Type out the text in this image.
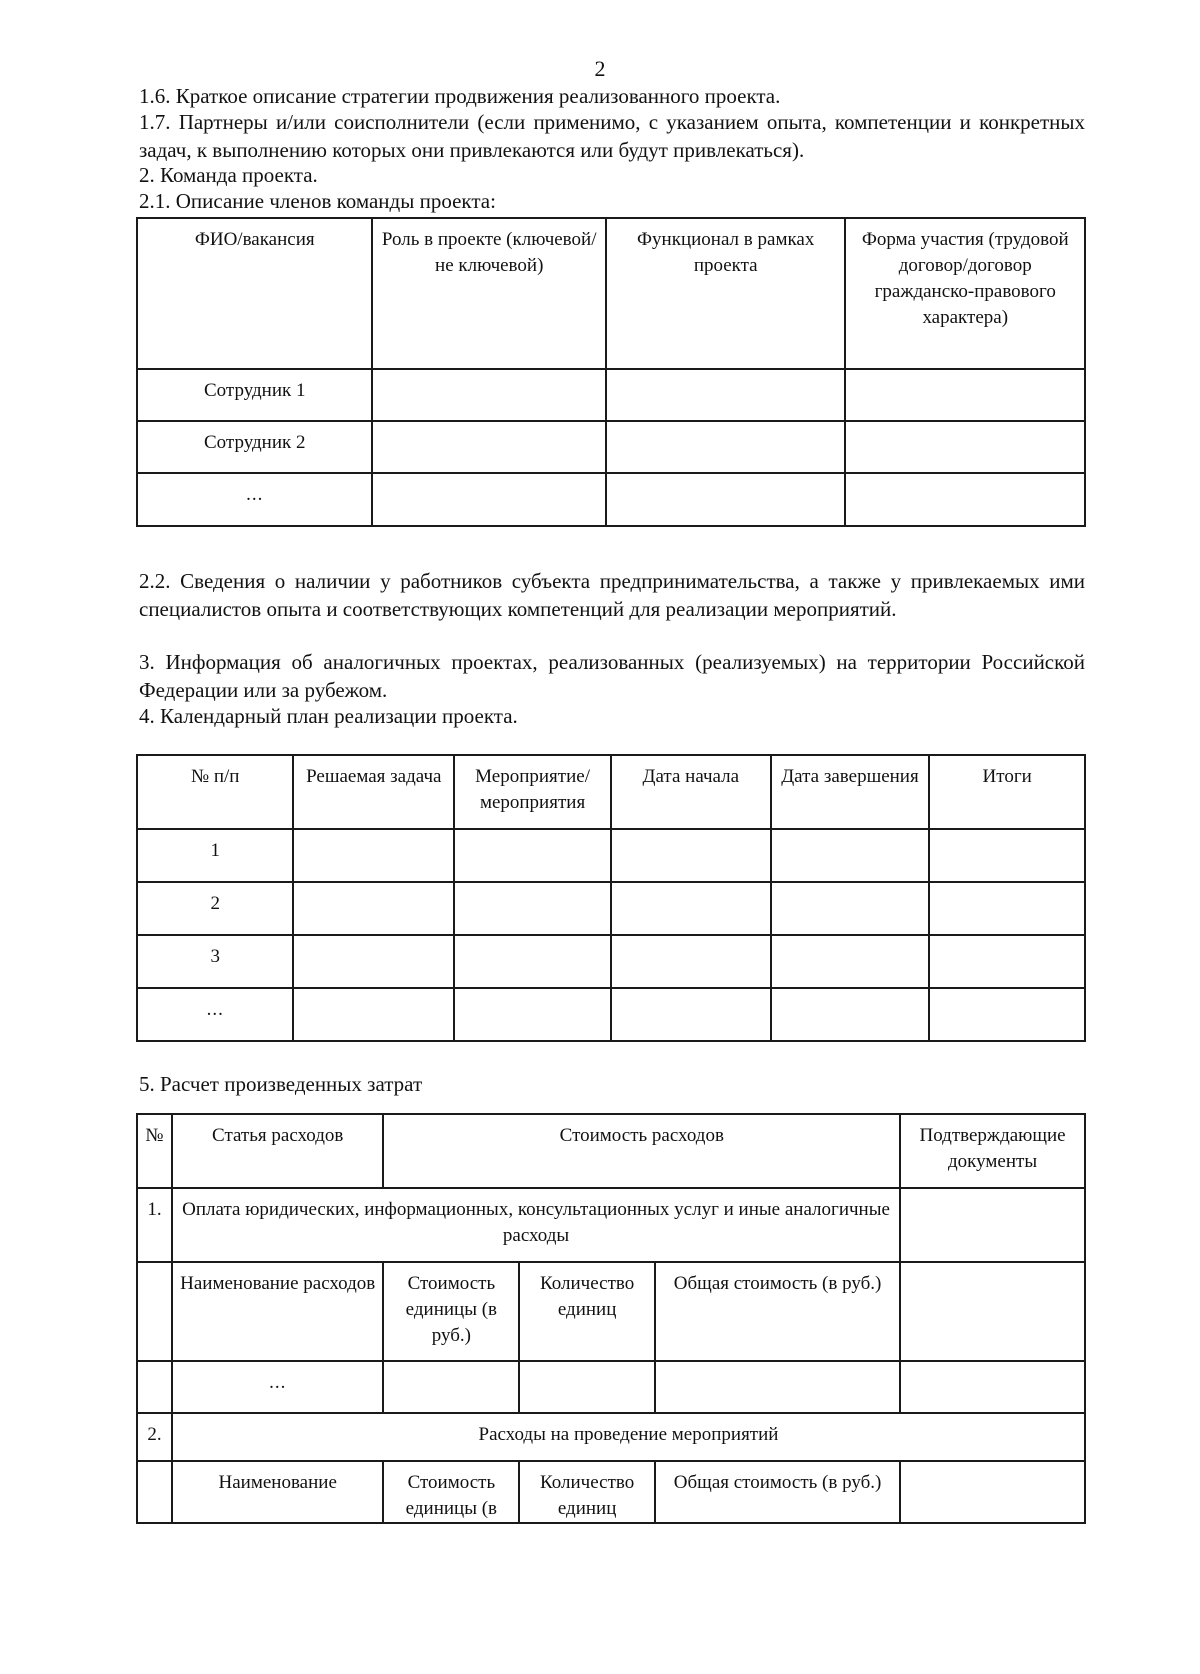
2
1.6. Краткое описание стратегии продвижения реализованного проекта.
1.7. Партнеры и/или соисполнители (если применимо, с указанием опыта, компетенции и конкретных задач, к выполнению которых они привлекаются или будут привлекаться).
2. Команда проекта.
2.1. Описание членов команды проекта:
ФИО/вакансия	Роль в проекте (ключевой/не ключевой)	Функционал в рамках проекта	Форма участия (трудовой договор/договор гражданско-правового характера)
Сотрудник 1			
Сотрудник 2			
...			
2.2. Сведения о наличии у работников субъекта предпринимательства, а также у привлекаемых ими специалистов опыта и соответствующих компетенций для реализации мероприятий.
3. Информация об аналогичных проектах, реализованных (реализуемых) на территории Российской Федерации или за рубежом.
4. Календарный план реализации проекта.
№ п/п	Решаемая задача	Мероприятие/ мероприятия	Дата начала	Дата завершения	Итоги
1					
2					
3					
...					
5. Расчет произведенных затрат
№	Статья расходов	Стоимость расходов			Подтверждающие документы
1.	Оплата юридических, информационных, консультационных услуг и иные аналогичные расходы				
	Наименование расходов	Стоимость единицы (в руб.)	Количество единиц	Общая стоимость (в руб.)	
	...				
2.	Расходы на проведение мероприятий				
	Наименование	Стоимость единицы (в	Количество единиц	Общая стоимость (в руб.)	
